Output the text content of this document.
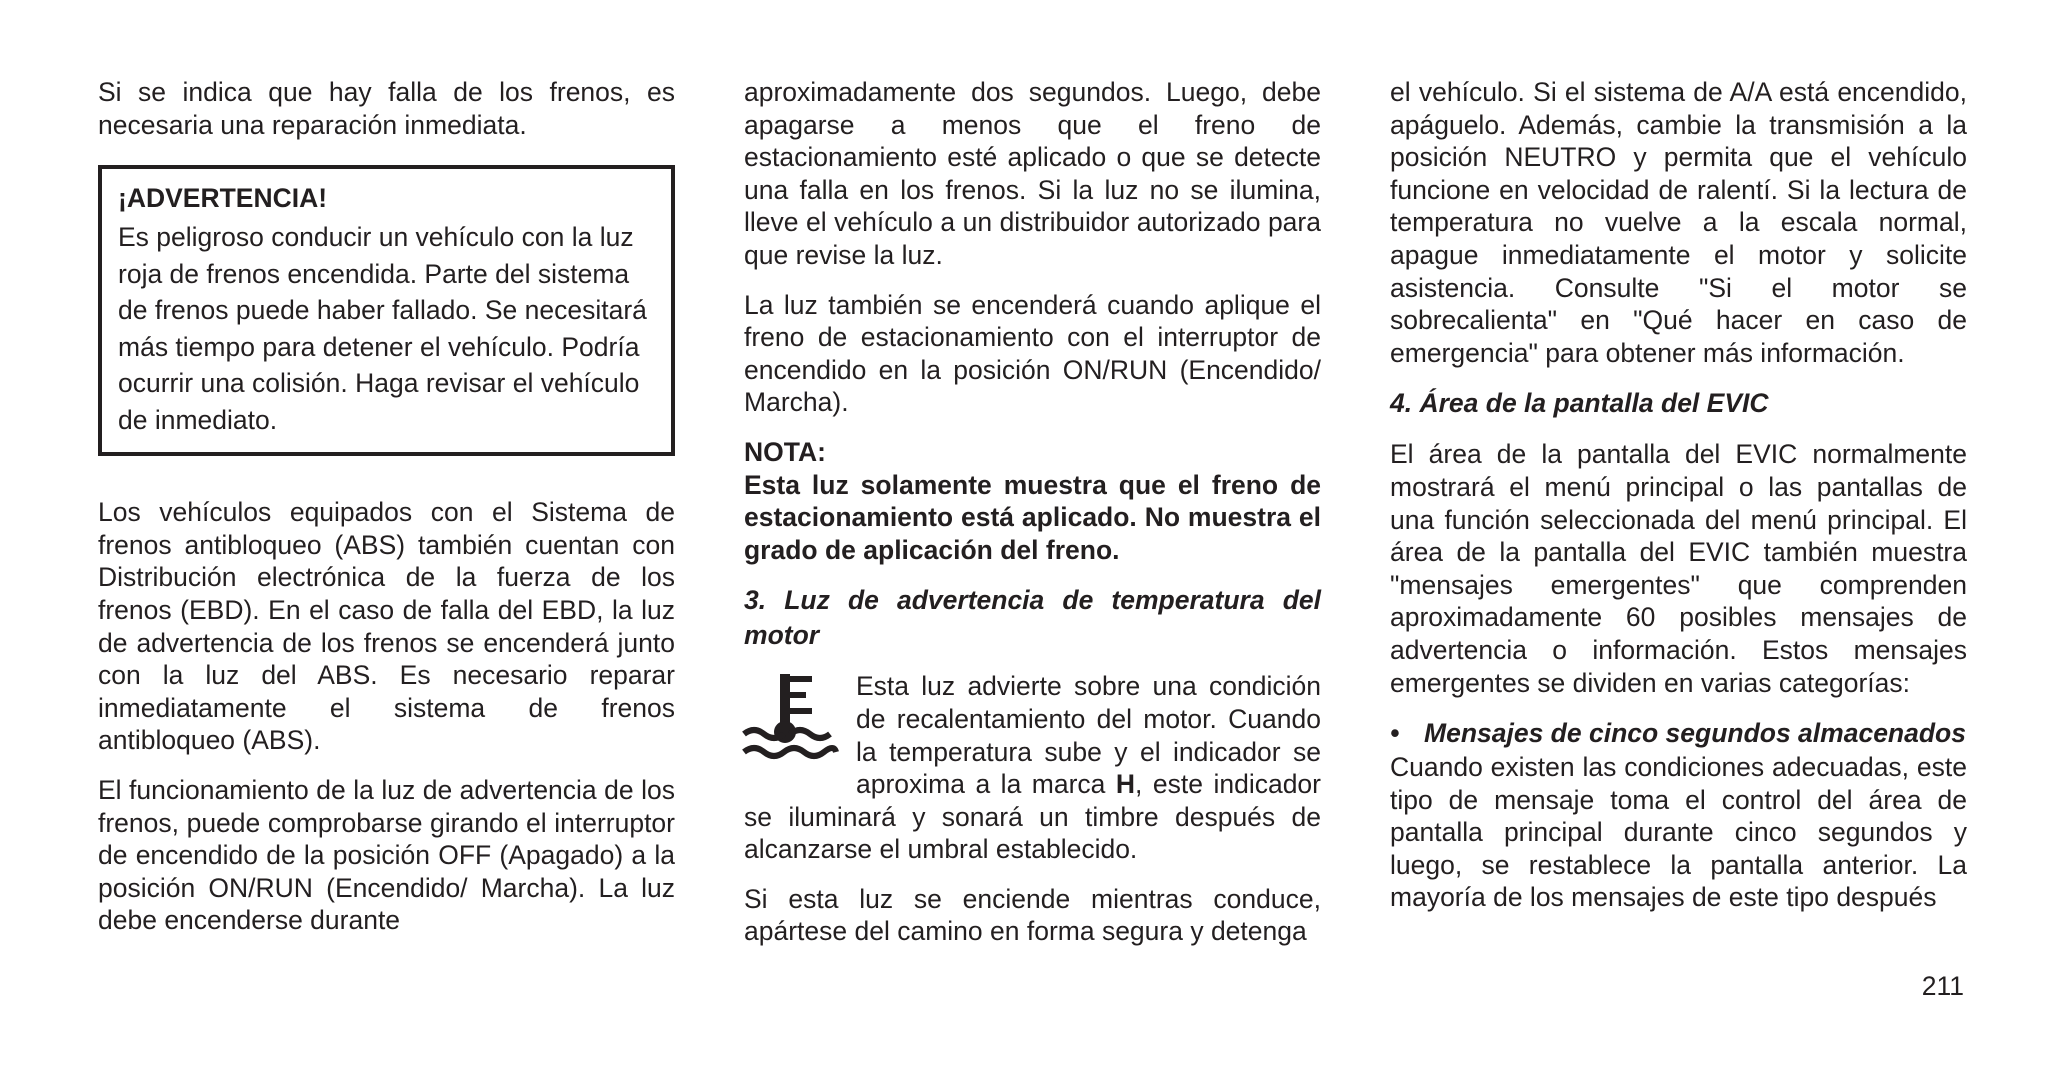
Si se indica que hay falla de los frenos, es necesaria una reparación inmediata.

¡ADVERTENCIA!

Es peligroso conducir un vehículo con la luz roja de frenos encendida. Parte del sistema de frenos puede haber fallado. Se necesitará más tiempo para detener el vehículo. Podría ocurrir una colisión. Haga revisar el vehículo de inmediato.

Los vehículos equipados con el Sistema de frenos antibloqueo (ABS) también cuentan con Distribución electrónica de la fuerza de los frenos (EBD). En el caso de falla del EBD, la luz de advertencia de los frenos se encenderá junto con la luz del ABS. Es necesario reparar inmediatamente el sistema de frenos antibloqueo (ABS).

El funcionamiento de la luz de advertencia de los frenos, puede comprobarse girando el interruptor de encendido de la posición OFF (Apagado) a la posición ON/RUN (Encendido/ Marcha). La luz debe encenderse durante

aproximadamente dos segundos. Luego, debe apagarse a menos que el freno de estacionamiento esté aplicado o que se detecte una falla en los frenos. Si la luz no se ilumina, lleve el vehículo a un distribuidor autorizado para que revise la luz.

La luz también se encenderá cuando aplique el freno de estacionamiento con el interruptor de encendido en la posición ON/RUN (Encendido/ Marcha).

NOTA:

Esta luz solamente muestra que el freno de estacionamiento está aplicado. No muestra el grado de aplicación del freno.

3. Luz de advertencia de temperatura del motor

Esta luz advierte sobre una condición de recalentamiento del motor. Cuando la temperatura sube y el indicador se aproxima a la marca H, este indicador se iluminará y sonará un timbre después de alcanzarse el umbral establecido.

Si esta luz se enciende mientras conduce, apártese del camino en forma segura y detenga

el vehículo. Si el sistema de A/A está encendido, apáguelo. Además, cambie la transmisión a la posición NEUTRO y permita que el vehículo funcione en velocidad de ralentí. Si la lectura de temperatura no vuelve a la escala normal, apague inmediatamente el motor y solicite asistencia. Consulte "Si el motor se sobrecalienta" en "Qué hacer en caso de emergencia" para obtener más información.

4. Área de la pantalla del EVIC

El área de la pantalla del EVIC normalmente mostrará el menú principal o las pantallas de una función seleccionada del menú principal. El área de la pantalla del EVIC también muestra "mensajes emergentes" que comprenden aproximadamente 60 posibles mensajes de advertencia o información. Estos mensajes emergentes se dividen en varias categorías:

• Mensajes de cinco segundos almacenados

Cuando existen las condiciones adecuadas, este tipo de mensaje toma el control del área de pantalla principal durante cinco segundos y luego, se restablece la pantalla anterior. La mayoría de los mensajes de este tipo después

211
